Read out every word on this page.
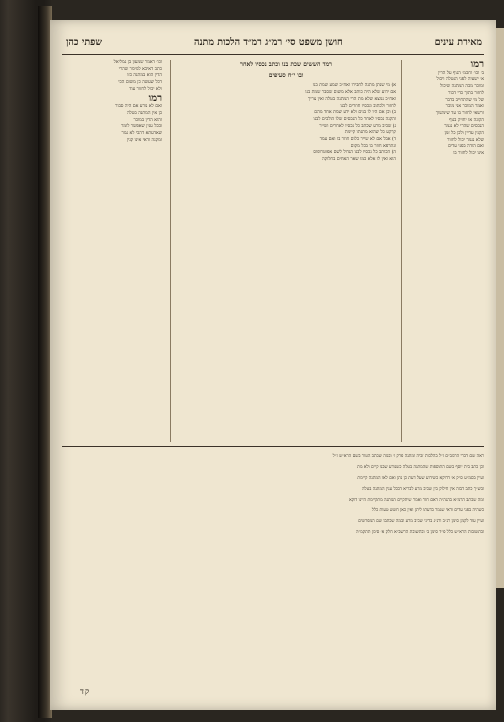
מאירת עינים
חושן משפט סי׳ רמ״ג רמ״ד הלכות מתנה
שפתי כהן
רמו

ב׳ וכו׳ וחכמ׳ הגוף על הדין

א׳ ישעיה לפני הנטלה ויכול

ומוכר מכה המתנה שיכול

לחזור בתוך כדי דבור

של מי שהתחייב בדבר

ואמר המוכר אני מוכר

ורשאי לחזור בו עד שימשוך

הקונה או יחזיק בגוף

הנכסים שהרי לא נגמר

הקנין עדיין ולכן כל זמן

שלא נגמר יכול לחזור

ואם הודה בפני עדים

אינו יכול לחזור בו

רמד הששים שכת בנו וכתב נכסיו לאחר
ובו י״ח סעיפים

א) מי שנתן מתנה לחבירו ואח״כ שמע שמת בנו

אם ידוע שלא היה כותב אלא משום שסבר שמת בנו

ואח״כ נמצא שלא מת הרי המתנה בטלה ואין צריך

לחזור ולכתוב ונכסיו חוזרים לבנו

ב) וכן אם היו לו בנים ולא ידע שמת אחד מהם

והקנה נכסיו לאחר כל הנכסים שלו הולכים לבנו

ג) שכיב מרע שכתב כל נכסיו לאחרים ושייר

קרקע כל שהוא מתנתו קיימת

ד) אבל אם לא שייר כלום חוזר בו ואם עמד

ונתרפא חוזר בו בכל מקום

ה) הכותב כל נכסיו לבנו הגדול לשם אפוטרופוס

הוא ואין לו אלא כמו שאר האחים בחלוקה

וכו׳ דאמר שמעון בן גמליאל

כתב דאיכא למימר שהרי

הדין הוא במתנה כזו

דכל שעשה כן משום הכי

ולא יכול לחזור עוד

רמו

ואם לא נודע אם היה סבור

כן אין המתנה בטלה

והוא הדין במוכר

ובכל ענין שאפשר לומר

שאדעתא דהכי לא גמר

ומקנה ודאי אינו קנין

ראה שם דברי הרמב״ם ז״ל בהלכות זכיה ומתנה פרק ו׳ ובמה שכתב הטור בשם הרא״ש ז״ל

וכן כתב בית יוסף בשם התוספות שהמתנה בטלה כשנודע שבנו קיים ולא מת

ועיין בסמ״ע ס״ק א׳ דדוקא כשידוע שעל דעת כן נתן ואם לאו המתנה קיימת

ובש״ך כתב דבזה אין חילוק בין שכיב מרע לבריא דבכל ענין המתנה בטלה

ומה שכתב הרמ״א בהגה״ה דאם חזר ואמר שיתקיים המתנה מתקיימת היינו דוקא

כשהיה בפני עדים ודאי שגמר בדעתו ליתן ואין כאן חשש טעות כלל

ועיין עוד לקמן סימן רנ״ב ורנ״ג בדיני שכיב מרע ובמה שכתבו שם המפרשים

ובתשובות הרא״ש כלל פ״ד סימן ב׳ ובתשובת הרשב״א חלק א׳ סימן תתקמ״ה

קד
